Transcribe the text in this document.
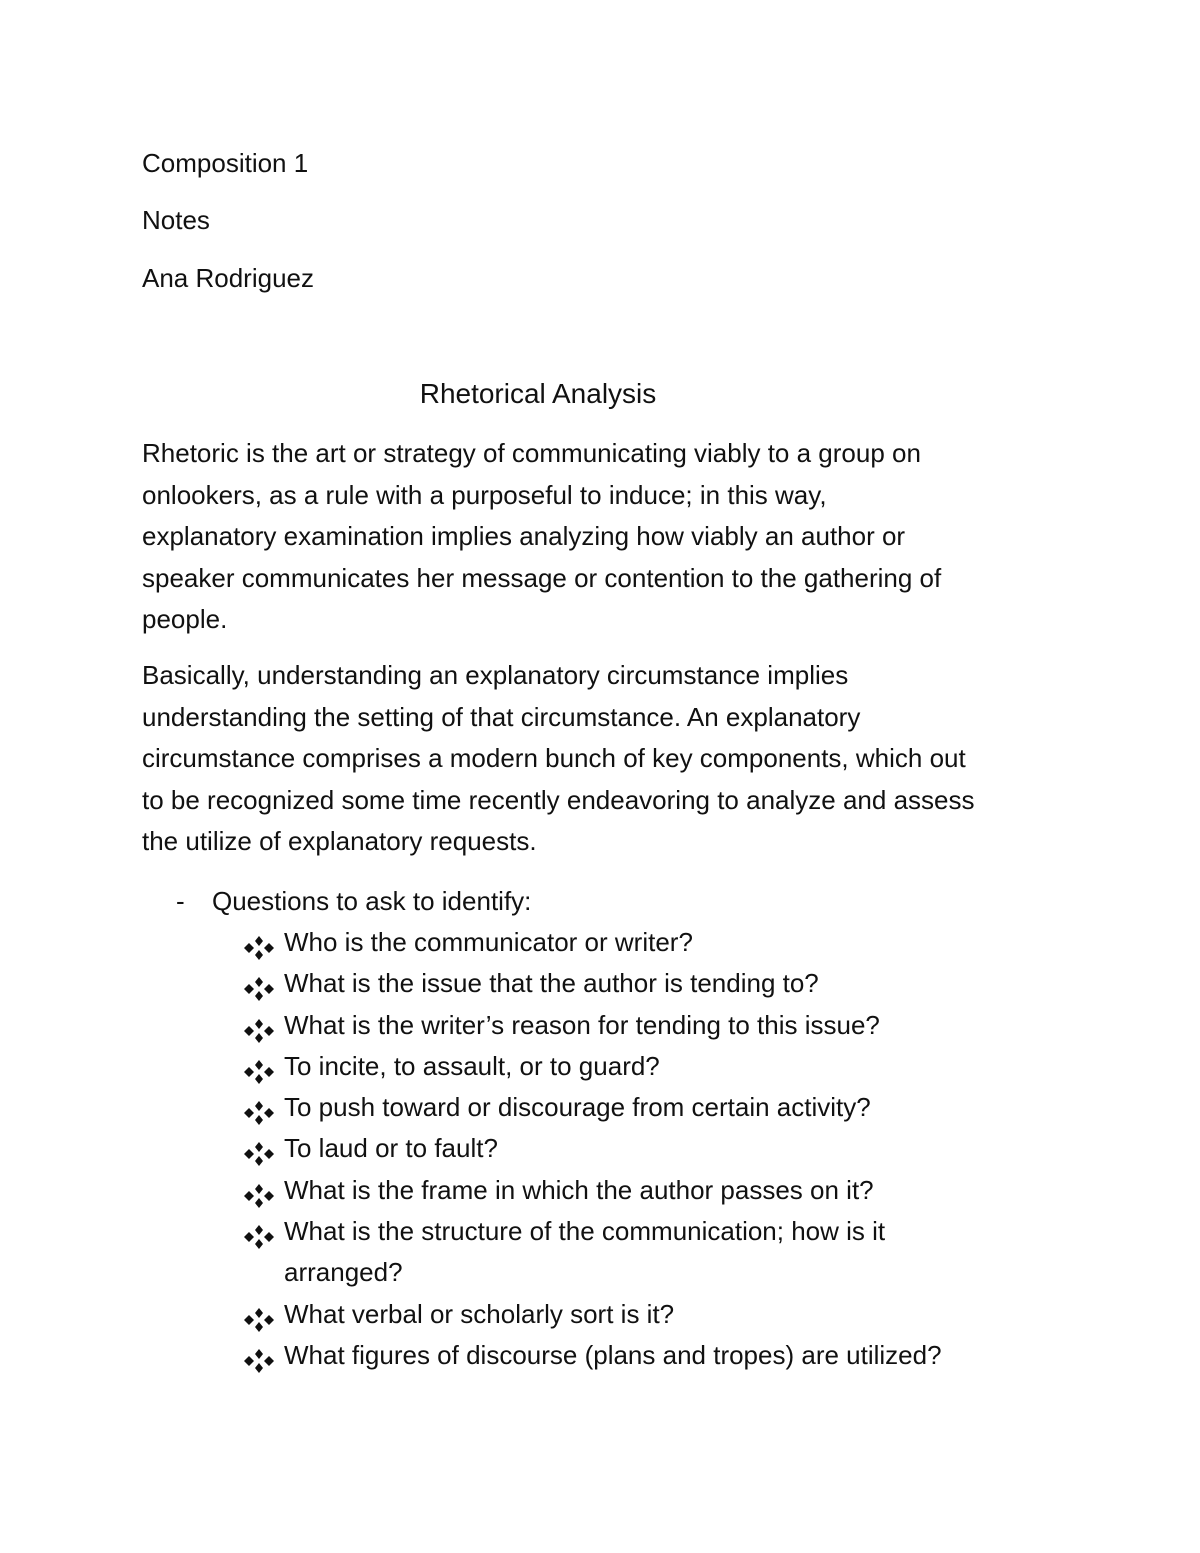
Composition 1
Notes
Ana Rodriguez
Rhetorical Analysis

Rhetoric is the art or strategy of communicating viably to a group on
onlookers, as a rule with a purposeful to induce; in this way,
explanatory examination implies analyzing how viably an author or
speaker communicates her message or contention to the gathering of
people.

Basically, understanding an explanatory circumstance implies
understanding the setting of that circumstance. An explanatory
circumstance comprises a modern bunch of key components, which out
to be recognized some time recently endeavoring to analyze and assess
the utilize of explanatory requests.

- Questions to ask to identify:
Who is the communicator or writer?
What is the issue that the author is tending to?
What is the writer’s reason for tending to this issue?
To incite, to assault, or to guard?
To push toward or discourage from certain activity?
To laud or to fault?
What is the frame in which the author passes on it?
What is the structure of the communication; how is it
arranged?
What verbal or scholarly sort is it?
What figures of discourse (plans and tropes) are utilized?
